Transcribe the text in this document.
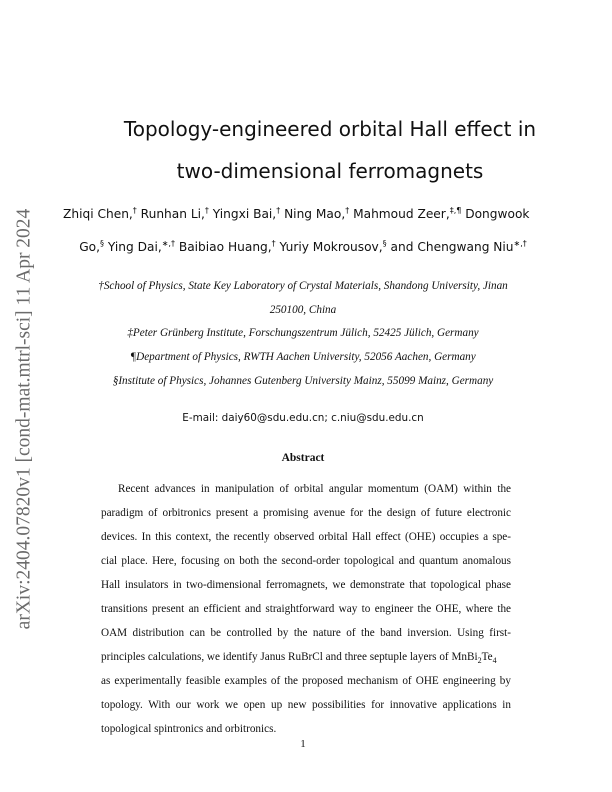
arXiv:2404.07820v1 [cond-mat.mtrl-sci] 11 Apr 2024
Topology-engineered orbital Hall effect in
two-dimensional ferromagnets
Zhiqi Chen,† Runhan Li,† Yingxi Bai,† Ning Mao,† Mahmoud Zeer,‡,¶ Dongwook
Go,§ Ying Dai,∗,† Baibiao Huang,† Yuriy Mokrousov,§ and Chengwang Niu∗,†
†School of Physics, State Key Laboratory of Crystal Materials, Shandong University, Jinan
250100, China
‡Peter Grünberg Institute, Forschungszentrum Jülich, 52425 Jülich, Germany
¶Department of Physics, RWTH Aachen University, 52056 Aachen, Germany
§Institute of Physics, Johannes Gutenberg University Mainz, 55099 Mainz, Germany
E-mail: daiy60@sdu.edu.cn; c.niu@sdu.edu.cn
Abstract
Recent advances in manipulation of orbital angular momentum (OAM) within the
paradigm of orbitronics present a promising avenue for the design of future electronic
devices. In this context, the recently observed orbital Hall effect (OHE) occupies a spe-
cial place. Here, focusing on both the second-order topological and quantum anomalous
Hall insulators in two-dimensional ferromagnets, we demonstrate that topological phase
transitions present an efficient and straightforward way to engineer the OHE, where the
OAM distribution can be controlled by the nature of the band inversion. Using first-
principles calculations, we identify Janus RuBrCl and three septuple layers of $MnBi_2Te_4$
as experimentally feasible examples of the proposed mechanism of OHE engineering by
topology. With our work we open up new possibilities for innovative applications in
topological spintronics and orbitronics.
1
